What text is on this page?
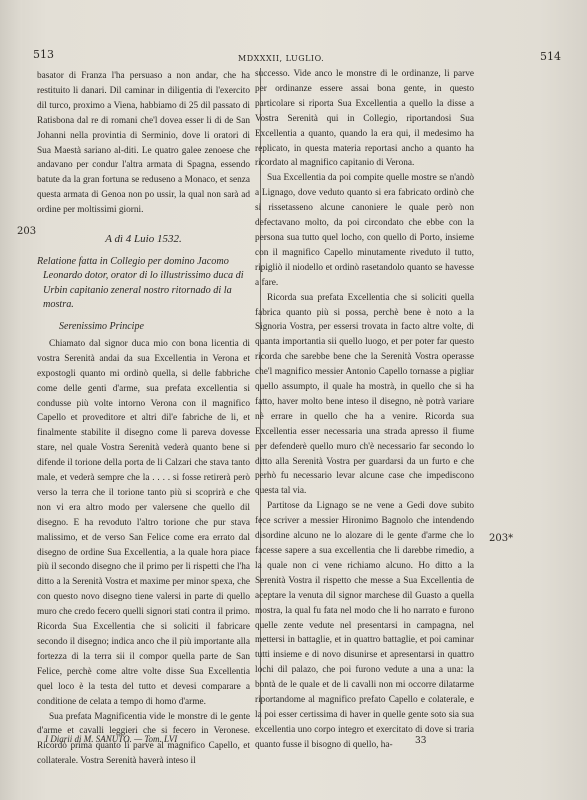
513	MDXXXII, LUGLIO.	514
203
203*

basator di Franza l'ha persuaso a non andar, che ha restituito li danari. Dil caminar in diligentia di l'exercito dil turco, proximo a Viena, habbiamo di 25 dil passato di Ratisbona dal re di romani che'l dovea esser li di de San Johanni nella provintia di Serminio, dove li oratori di Sua Maestà sariano al-diti. Le quatro galee zenoese che andavano per condur l'altra armata di Spagna, essendo batute da la gran fortuna se reduseno a Monaco, et senza questa armata di Genoa non po ussir, la qual non sarà ad ordine per moltissimi giorni.

A dì 4 Luio 1532.
Relatione fatta in Collegio per domino Jacomo Leonardo dotor, orator di lo illustrissimo duca di Urbin capitanio zeneral nostro ritornado di la mostra.
Serenissimo Principe

Chiamato dal signor duca mio con bona licentia di vostra Serenità andai da sua Excellentia in Verona et expostogli quanto mi ordinò quella, si delle fabbriche come delle genti d'arme, sua prefata excellentia si condusse più volte intorno Verona con il magnifico Capello et proveditore et altri dil'e fabriche de li, et finalmente stabilite il disegno come li pareva dovesse stare, nel quale Vostra Serenità vederà quanto bene si difende il torione della porta de li Calzari che stava tanto male, et vederà sempre che la . . . . si fosse retirerà però verso la terra che il torione tanto più si scoprirà e che non vi era altro modo per valersene che quello dil disegno. E ha revoduto l'altro torione che pur stava malissimo, et de verso San Felice come era errato dal disegno de ordine Sua Excellentia, a la quale hora piace più il secondo disegno che il primo per li rispetti che l'ha ditto a la Serenità Vostra et maxime per minor spexa, che con questo novo disegno tiene valersi in parte di quello muro che credo fecero quelli signori stati contra il primo. Ricorda Sua Excellentia che si soliciti il fabricare secondo il disegno; indica anco che il più importante alla fortezza di la terra sii il compor quella parte de San Felice, perchè come altre volte disse Sua Excellentia quel loco è la testa del tutto et devesi comparare a conditione de celata a tempo di homo d'arme.

Sua prefata Magnificentia vide le monstre di le gente d'arme et cavalli leggieri che si fecero in Veronese. Ricordò prima quanto li parve al magnifico Capello, et collaterale. Vostra Serenità haverà inteso il

successo. Vide anco le monstre di le ordinanze, li parve per ordinanze essere assai bona gente, in questo particolare si riporta Sua Excellentia a quello la disse a Vostra Serenità qui in Collegio, riportandosi Sua Excellentia a quanto, quando la era qui, il medesimo ha replicato, in questa materia reportasi ancho a quanto ha ricordato al magnifico capitanio di Verona.

Sua Excellentia da poi compite quelle mostre se n'andò a Lignago, dove veduto quanto si era fabricato ordinò che si rissetasseno alcune canoniere le quale però non defectavano molto, da poi circondato che ebbe con la persona sua tutto quel locho, con quello di Porto, insieme con il magnifico Capello minutamente riveduto il tutto, ripigliò il niodello et ordinò rasetandolo quanto se havesse a fare.

Ricorda sua prefata Excellentia che si soliciti quella fabrica quanto più si possa, perchè bene è noto a la Signoria Vostra, per essersi trovata in facto altre volte, di quanta importantia sii quello luogo, et per poter far questo ricorda che sarebbe bene che la Serenità Vostra operasse che'l magnifico messier Antonio Capello tornasse a pigliar quello assumpto, il quale ha mostrà, in quello che si ha fatto, haver molto bene inteso il disegno, nè potrà variare nè errare in quello che ha a venire. Ricorda sua Excellentia esser necessaria una strada apresso il fiume per defenderè quello muro ch'è necessario far secondo lo ditto alla Serenità Vostra per guardarsi da un furto e che perhò fu necessario levar alcune case che impediscono questa tal via.

Partitose da Lignago se ne vene a Gedi dove subito fece scriver a messier Hironimo Bagnolo che intendendo disordine alcuno ne lo alozare di le gente d'arme che lo facesse sapere a sua excellentia che li darebbe rimedio, a la quale non ci vene richiamo alcuno. Ho ditto a la Serenità Vostra il rispetto che messe a Sua Excellentia de aceptare la venuta dil signor marchese dil Guasto a quella mostra, la qual fu fata nel modo che li ho narrato e furono quelle zente vedute nel presentarsi in campagna, nel mettersi in battaglie, et in quattro battaglie, et poi caminar tutti insieme e di novo disunirse et apresentarsi in quattro lochi dil palazo, che poi furono vedute a una a una: la bontà de le quale et de li cavalli non mi occorre dilatarme riportandome al magnifico prefato Capello e colaterale, e la poi esser certissima di haver in quelle gente soto sia sua excellentia uno corpo integro et exercitato di dove si traria quanto fusse il bisogno di quello, ha-

I Diarii di M. SANUTO. — Tom. LVI	33
